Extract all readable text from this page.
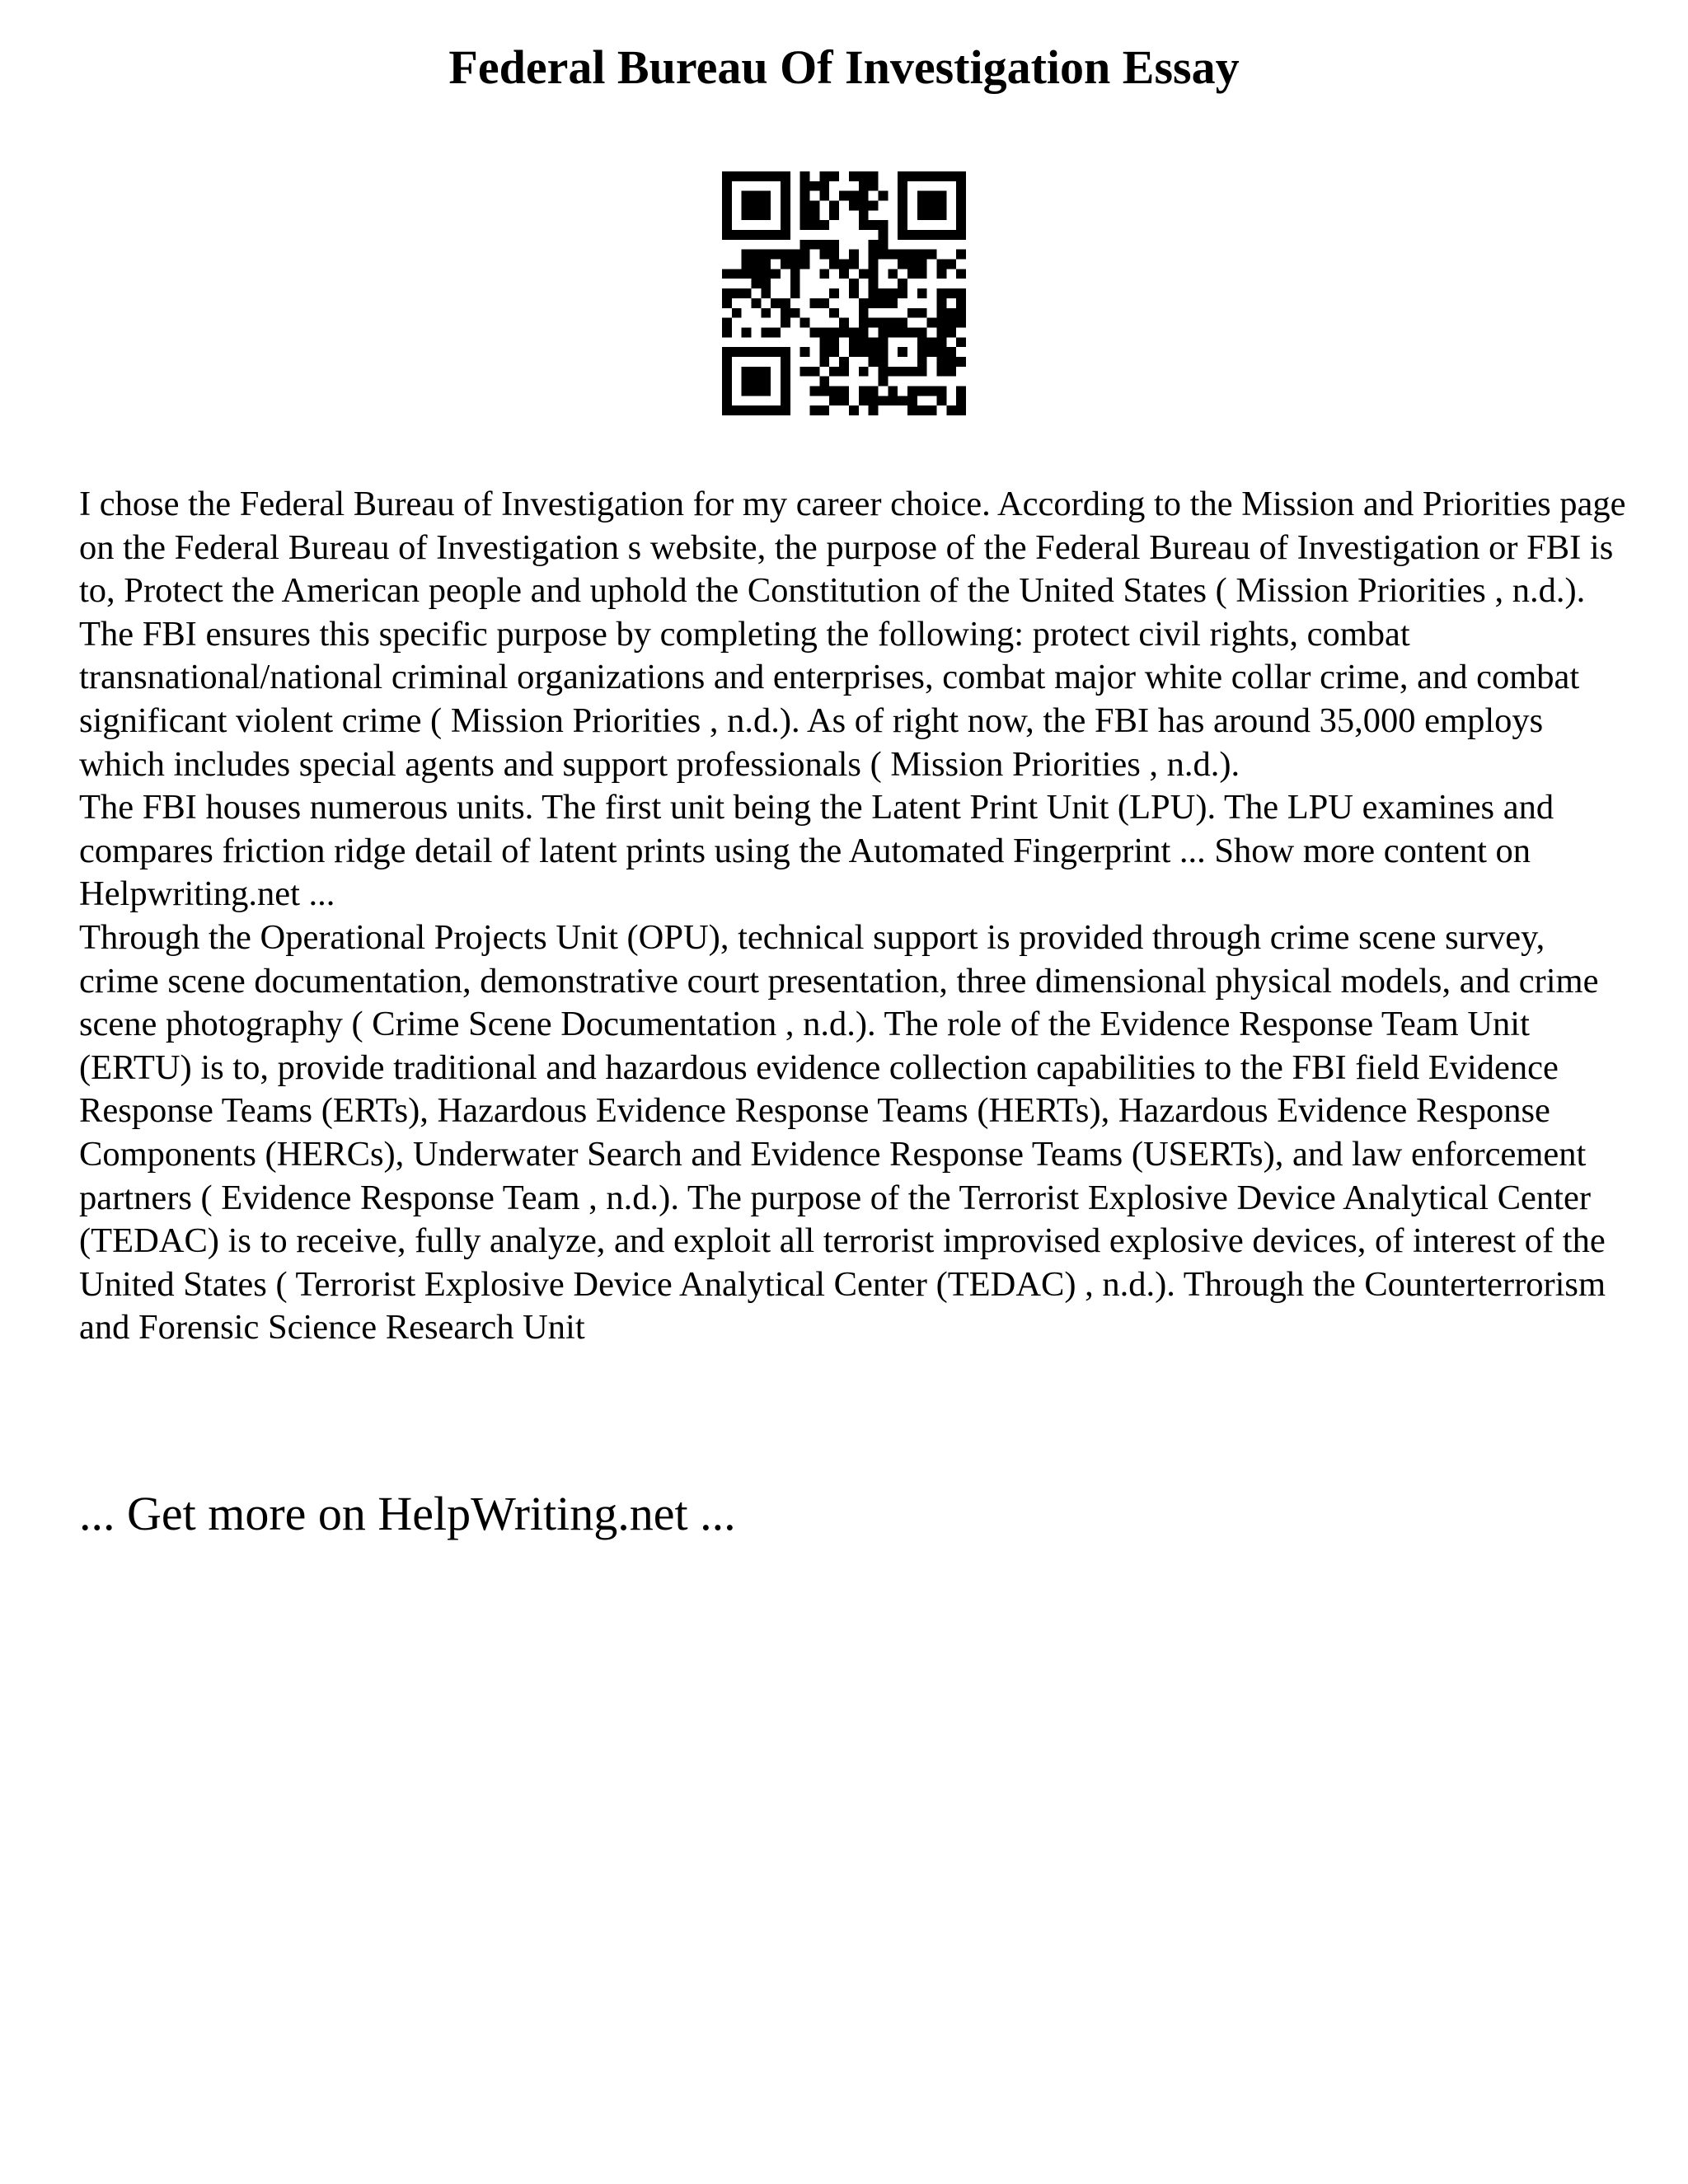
Federal Bureau Of Investigation Essay

I chose the Federal Bureau of Investigation for my career choice. According to the Mission and Priorities page on the Federal Bureau of Investigation s website, the purpose of the Federal Bureau of Investigation or FBI is to, Protect the American people and uphold the Constitution of the United States ( Mission Priorities , n.d.). The FBI ensures this specific purpose by completing the following: protect civil rights, combat transnational/national criminal organizations and enterprises, combat major white collar crime, and combat significant violent crime ( Mission Priorities , n.d.). As of right now, the FBI has around 35,000 employs which includes special agents and support professionals ( Mission Priorities , n.d.).

The FBI houses numerous units. The first unit being the Latent Print Unit (LPU). The LPU examines and compares friction ridge detail of latent prints using the Automated Fingerprint ... Show more content on Helpwriting.net ...

Through the Operational Projects Unit (OPU), technical support is provided through crime scene survey, crime scene documentation, demonstrative court presentation, three dimensional physical models, and crime scene photography ( Crime Scene Documentation , n.d.). The role of the Evidence Response Team Unit (ERTU) is to, provide traditional and hazardous evidence collection capabilities to the FBI field Evidence Response Teams (ERTs), Hazardous Evidence Response Teams (HERTs), Hazardous Evidence Response Components (HERCs), Underwater Search and Evidence Response Teams (USERTs), and law enforcement partners ( Evidence Response Team , n.d.). The purpose of the Terrorist Explosive Device Analytical Center (TEDAC) is to receive, fully analyze, and exploit all terrorist improvised explosive devices, of interest of the United States ( Terrorist Explosive Device Analytical Center (TEDAC) , n.d.). Through the Counterterrorism and Forensic Science Research Unit

... Get more on HelpWriting.net ...
